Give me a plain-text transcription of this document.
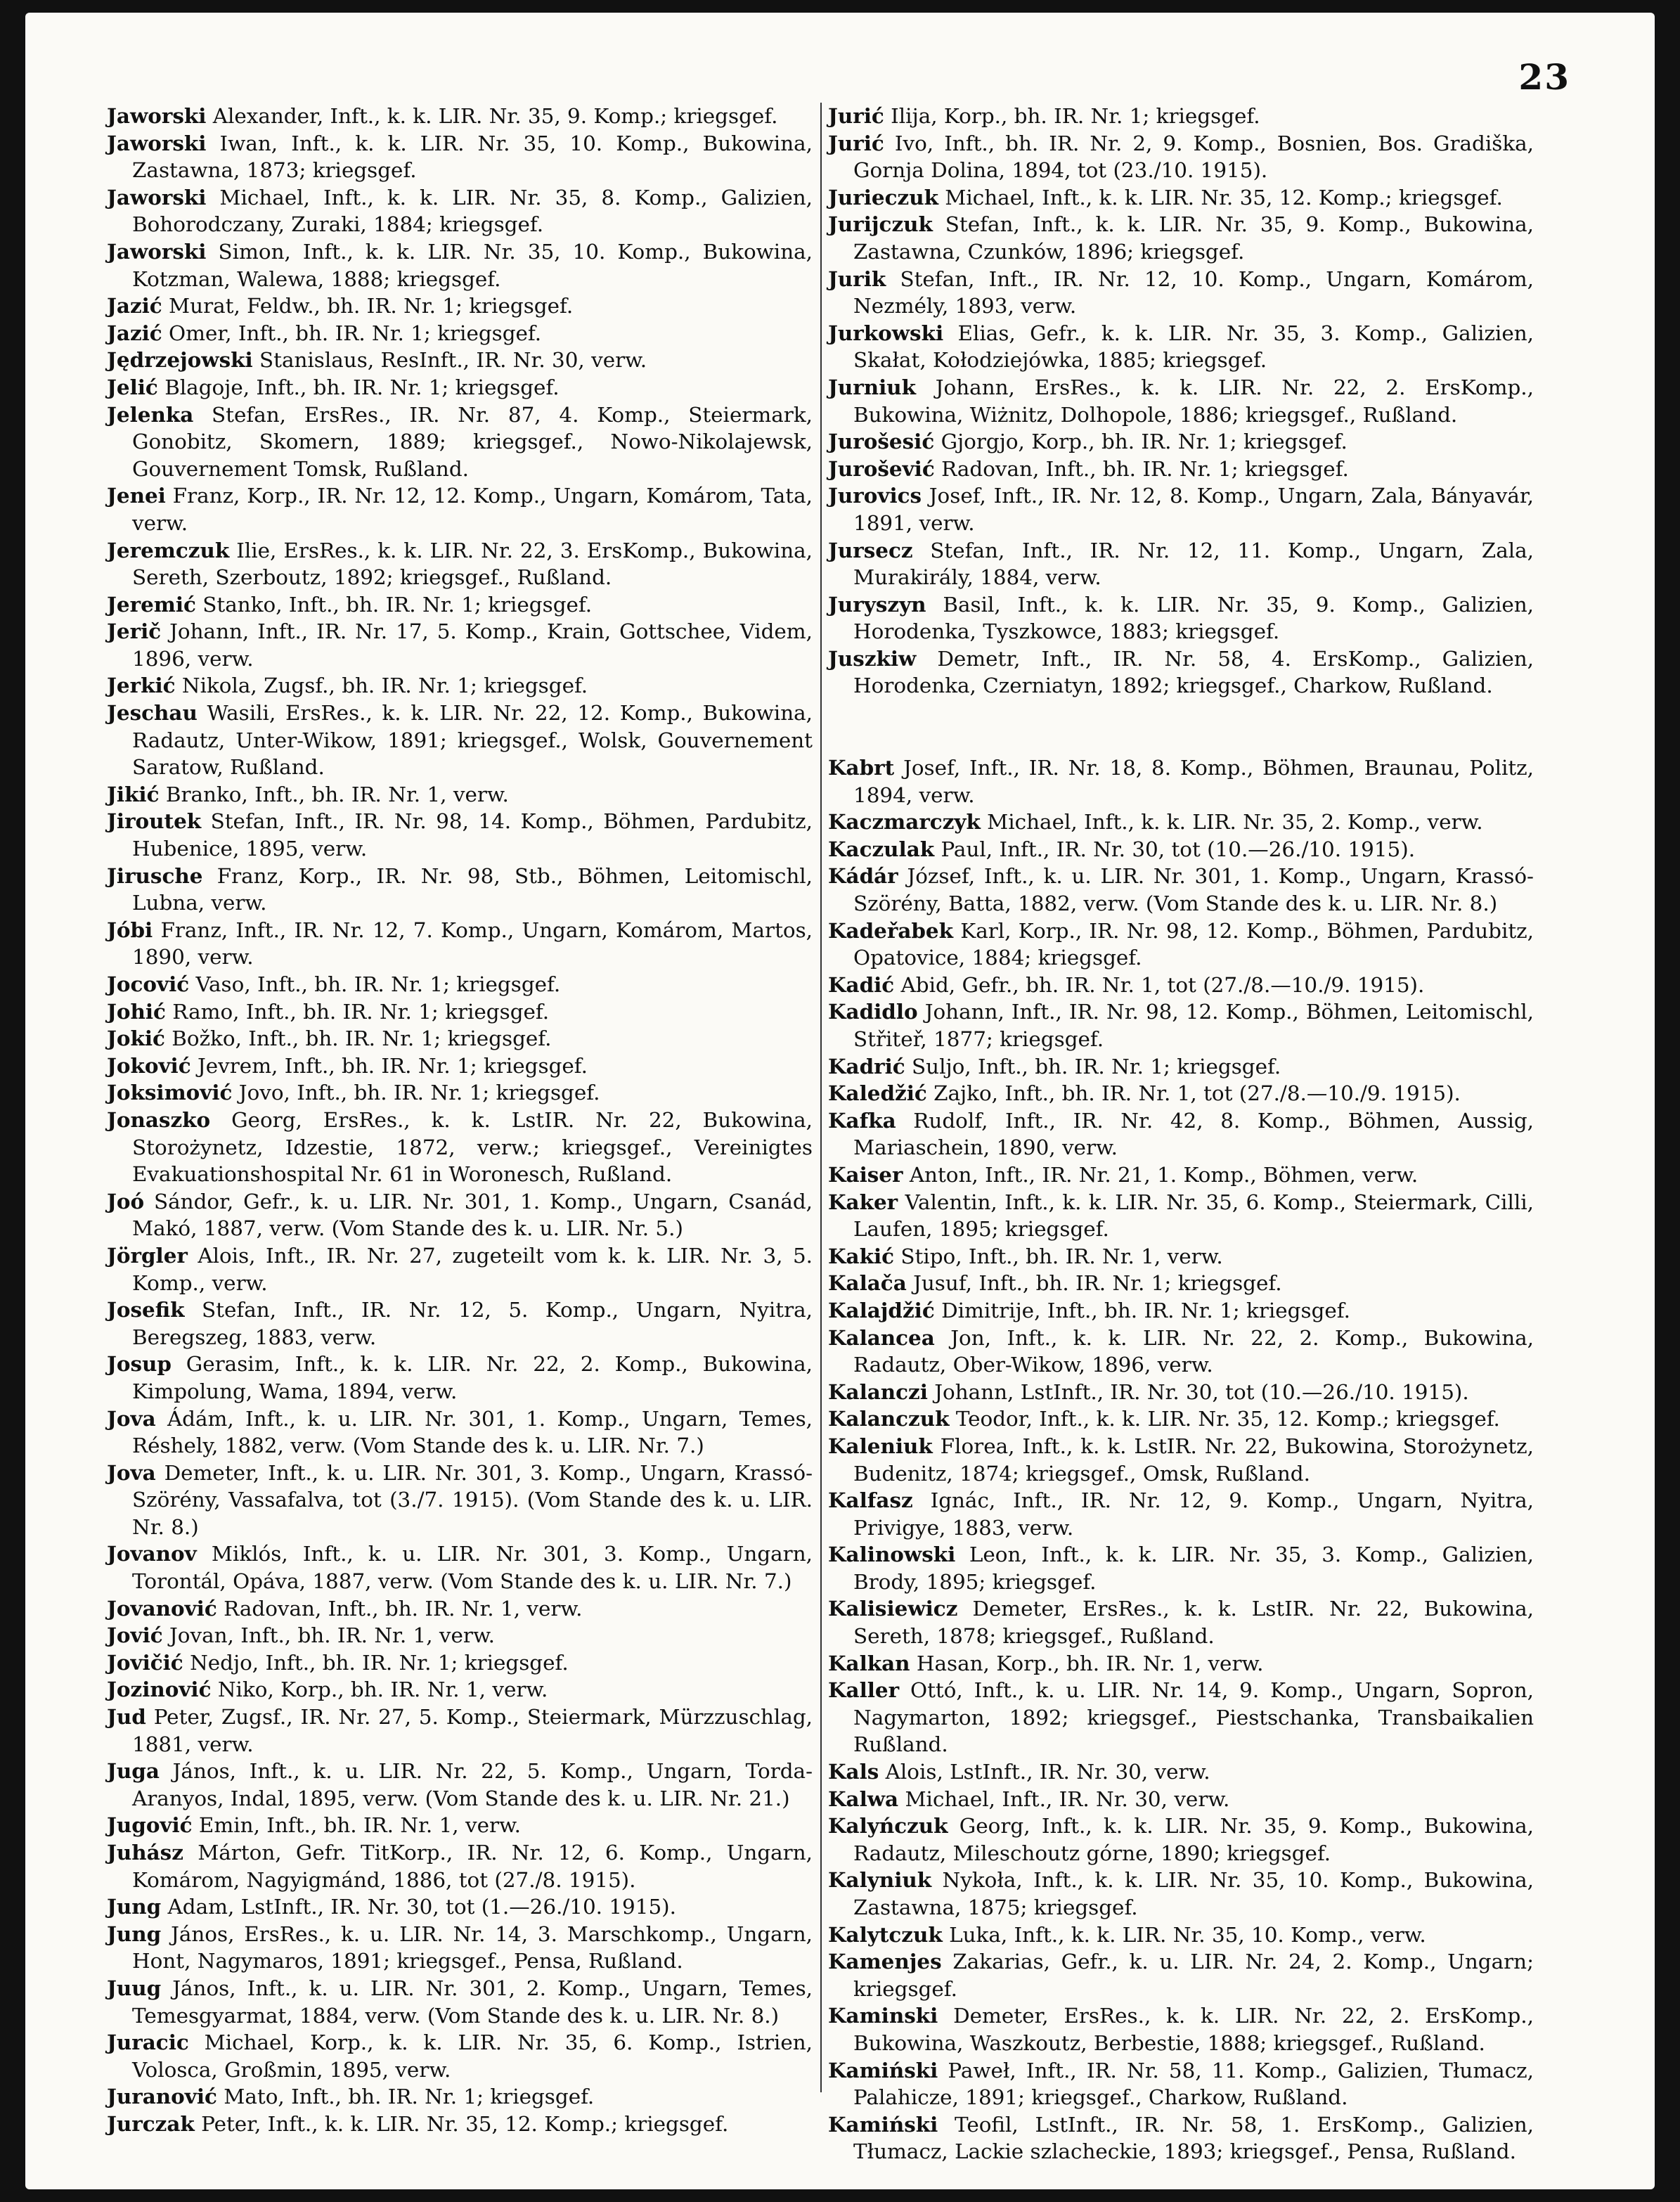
23

Jaworski Alexander, Inft., k. k. LIR. Nr. 35, 9. Komp.; kriegsgef.

Jaworski Iwan, Inft., k. k. LIR. Nr. 35, 10. Komp., Bukowina, Zastawna, 1873; kriegsgef.

Jaworski Michael, Inft., k. k. LIR. Nr. 35, 8. Komp., Galizien, Bohorodczany, Zuraki, 1884; kriegsgef.

Jaworski Simon, Inft., k. k. LIR. Nr. 35, 10. Komp., Bukowina, Kotzman, Walewa, 1888; kriegsgef.

Jazić Murat, Feldw., bh. IR. Nr. 1; kriegsgef.

Jazić Omer, Inft., bh. IR. Nr. 1; kriegsgef.

Jędrzejowski Stanislaus, ResInft., IR. Nr. 30, verw.

Jelić Blagoje, Inft., bh. IR. Nr. 1; kriegsgef.

Jelenka Stefan, ErsRes., IR. Nr. 87, 4. Komp., Steiermark, Gonobitz, Skomern, 1889; kriegsgef., Nowo-Nikolajewsk, Gouvernement Tomsk, Rußland.

Jenei Franz, Korp., IR. Nr. 12, 12. Komp., Ungarn, Komárom, Tata, verw.

Jeremczuk Ilie, ErsRes., k. k. LIR. Nr. 22, 3. ErsKomp., Bukowina, Sereth, Szerboutz, 1892; kriegsgef., Rußland.

Jeremić Stanko, Inft., bh. IR. Nr. 1; kriegsgef.

Jerič Johann, Inft., IR. Nr. 17, 5. Komp., Krain, Gottschee, Videm, 1896, verw.

Jerkić Nikola, Zugsf., bh. IR. Nr. 1; kriegsgef.

Jeschau Wasili, ErsRes., k. k. LIR. Nr. 22, 12. Komp., Bukowina, Radautz, Unter-Wikow, 1891; kriegsgef., Wolsk, Gouvernement Saratow, Rußland.

Jikić Branko, Inft., bh. IR. Nr. 1, verw.

Jiroutek Stefan, Inft., IR. Nr. 98, 14. Komp., Böhmen, Pardubitz, Hubenice, 1895, verw.

Jirusche Franz, Korp., IR. Nr. 98, Stb., Böhmen, Leitomischl, Lubna, verw.

Jóbi Franz, Inft., IR. Nr. 12, 7. Komp., Ungarn, Komárom, Martos, 1890, verw.

Jocović Vaso, Inft., bh. IR. Nr. 1; kriegsgef.

Johić Ramo, Inft., bh. IR. Nr. 1; kriegsgef.

Jokić Božko, Inft., bh. IR. Nr. 1; kriegsgef.

Joković Jevrem, Inft., bh. IR. Nr. 1; kriegsgef.

Joksimović Jovo, Inft., bh. IR. Nr. 1; kriegsgef.

Jonaszko Georg, ErsRes., k. k. LstIR. Nr. 22, Bukowina, Storożynetz, Idzestie, 1872, verw.; kriegsgef., Vereinigtes Evakuationshospital Nr. 61 in Woronesch, Rußland.

Joó Sándor, Gefr., k. u. LIR. Nr. 301, 1. Komp., Ungarn, Csanád, Makó, 1887, verw. (Vom Stande des k. u. LIR. Nr. 5.)

Jörgler Alois, Inft., IR. Nr. 27, zugeteilt vom k. k. LIR. Nr. 3, 5. Komp., verw.

Josefik Stefan, Inft., IR. Nr. 12, 5. Komp., Ungarn, Nyitra, Beregszeg, 1883, verw.

Josup Gerasim, Inft., k. k. LIR. Nr. 22, 2. Komp., Bukowina, Kimpolung, Wama, 1894, verw.

Jova Ádám, Inft., k. u. LIR. Nr. 301, 1. Komp., Ungarn, Temes, Réshely, 1882, verw. (Vom Stande des k. u. LIR. Nr. 7.)

Jova Demeter, Inft., k. u. LIR. Nr. 301, 3. Komp., Ungarn, Krassó-Szörény, Vassafalva, tot (3./7. 1915). (Vom Stande des k. u. LIR. Nr. 8.)

Jovanov Miklós, Inft., k. u. LIR. Nr. 301, 3. Komp., Ungarn, Torontál, Opáva, 1887, verw. (Vom Stande des k. u. LIR. Nr. 7.)

Jovanović Radovan, Inft., bh. IR. Nr. 1, verw.

Jović Jovan, Inft., bh. IR. Nr. 1, verw.

Jovičić Nedjo, Inft., bh. IR. Nr. 1; kriegsgef.

Jozinović Niko, Korp., bh. IR. Nr. 1, verw.

Jud Peter, Zugsf., IR. Nr. 27, 5. Komp., Steiermark, Mürzzuschlag, 1881, verw.

Juga János, Inft., k. u. LIR. Nr. 22, 5. Komp., Ungarn, Torda-Aranyos, Indal, 1895, verw. (Vom Stande des k. u. LIR. Nr. 21.)

Jugović Emin, Inft., bh. IR. Nr. 1, verw.

Juhász Márton, Gefr. TitKorp., IR. Nr. 12, 6. Komp., Ungarn, Komárom, Nagyigmánd, 1886, tot (27./8. 1915).

Jung Adam, LstInft., IR. Nr. 30, tot (1.—26./10. 1915).

Jung János, ErsRes., k. u. LIR. Nr. 14, 3. Marschkomp., Ungarn, Hont, Nagymaros, 1891; kriegsgef., Pensa, Rußland.

Juug János, Inft., k. u. LIR. Nr. 301, 2. Komp., Ungarn, Temes, Temesgyarmat, 1884, verw. (Vom Stande des k. u. LIR. Nr. 8.)

Juracic Michael, Korp., k. k. LIR. Nr. 35, 6. Komp., Istrien, Volosca, Großmin, 1895, verw.

Juranović Mato, Inft., bh. IR. Nr. 1; kriegsgef.

Jurczak Peter, Inft., k. k. LIR. Nr. 35, 12. Komp.; kriegsgef.

Jurić Ilija, Korp., bh. IR. Nr. 1; kriegsgef.

Jurić Ivo, Inft., bh. IR. Nr. 2, 9. Komp., Bosnien, Bos. Gradiška, Gornja Dolina, 1894, tot (23./10. 1915).

Jurieczuk Michael, Inft., k. k. LIR. Nr. 35, 12. Komp.; kriegsgef.

Jurijczuk Stefan, Inft., k. k. LIR. Nr. 35, 9. Komp., Bukowina, Zastawna, Czunków, 1896; kriegsgef.

Jurik Stefan, Inft., IR. Nr. 12, 10. Komp., Ungarn, Komárom, Nezmély, 1893, verw.

Jurkowski Elias, Gefr., k. k. LIR. Nr. 35, 3. Komp., Galizien, Skałat, Kołodziejówka, 1885; kriegsgef.

Jurniuk Johann, ErsRes., k. k. LIR. Nr. 22, 2. ErsKomp., Bukowina, Wiżnitz, Dolhopole, 1886; kriegsgef., Rußland.

Jurošesić Gjorgjo, Korp., bh. IR. Nr. 1; kriegsgef.

Jurošević Radovan, Inft., bh. IR. Nr. 1; kriegsgef.

Jurovics Josef, Inft., IR. Nr. 12, 8. Komp., Ungarn, Zala, Bányavár, 1891, verw.

Jursecz Stefan, Inft., IR. Nr. 12, 11. Komp., Ungarn, Zala, Murakirály, 1884, verw.

Juryszyn Basil, Inft., k. k. LIR. Nr. 35, 9. Komp., Galizien, Horodenka, Tyszkowce, 1883; kriegsgef.

Juszkiw Demetr, Inft., IR. Nr. 58, 4. ErsKomp., Galizien, Horodenka, Czerniatyn, 1892; kriegsgef., Charkow, Rußland.

Kabrt Josef, Inft., IR. Nr. 18, 8. Komp., Böhmen, Braunau, Politz, 1894, verw.

Kaczmarczyk Michael, Inft., k. k. LIR. Nr. 35, 2. Komp., verw.

Kaczulak Paul, Inft., IR. Nr. 30, tot (10.—26./10. 1915).

Kádár József, Inft., k. u. LIR. Nr. 301, 1. Komp., Ungarn, Krassó-Szörény, Batta, 1882, verw. (Vom Stande des k. u. LIR. Nr. 8.)

Kadeřabek Karl, Korp., IR. Nr. 98, 12. Komp., Böhmen, Pardubitz, Opatovice, 1884; kriegsgef.

Kadić Abid, Gefr., bh. IR. Nr. 1, tot (27./8.—10./9. 1915).

Kadidlo Johann, Inft., IR. Nr. 98, 12. Komp., Böhmen, Leitomischl, Střiteř, 1877; kriegsgef.

Kadrić Suljo, Inft., bh. IR. Nr. 1; kriegsgef.

Kaledžić Zajko, Inft., bh. IR. Nr. 1, tot (27./8.—10./9. 1915).

Kafka Rudolf, Inft., IR. Nr. 42, 8. Komp., Böhmen, Aussig, Mariaschein, 1890, verw.

Kaiser Anton, Inft., IR. Nr. 21, 1. Komp., Böhmen, verw.

Kaker Valentin, Inft., k. k. LIR. Nr. 35, 6. Komp., Steiermark, Cilli, Laufen, 1895; kriegsgef.

Kakić Stipo, Inft., bh. IR. Nr. 1, verw.

Kalača Jusuf, Inft., bh. IR. Nr. 1; kriegsgef.

Kalajdžić Dimitrije, Inft., bh. IR. Nr. 1; kriegsgef.

Kalancea Jon, Inft., k. k. LIR. Nr. 22, 2. Komp., Bukowina, Radautz, Ober-Wikow, 1896, verw.

Kalanczi Johann, LstInft., IR. Nr. 30, tot (10.—26./10. 1915).

Kalanczuk Teodor, Inft., k. k. LIR. Nr. 35, 12. Komp.; kriegsgef.

Kaleniuk Florea, Inft., k. k. LstIR. Nr. 22, Bukowina, Storożynetz, Budenitz, 1874; kriegsgef., Omsk, Rußland.

Kalfasz Ignác, Inft., IR. Nr. 12, 9. Komp., Ungarn, Nyitra, Privigye, 1883, verw.

Kalinowski Leon, Inft., k. k. LIR. Nr. 35, 3. Komp., Galizien, Brody, 1895; kriegsgef.

Kalisiewicz Demeter, ErsRes., k. k. LstIR. Nr. 22, Bukowina, Sereth, 1878; kriegsgef., Rußland.

Kalkan Hasan, Korp., bh. IR. Nr. 1, verw.

Kaller Ottó, Inft., k. u. LIR. Nr. 14, 9. Komp., Ungarn, Sopron, Nagymarton, 1892; kriegsgef., Piestschanka, Transbaikalien Rußland.

Kals Alois, LstInft., IR. Nr. 30, verw.

Kalwa Michael, Inft., IR. Nr. 30, verw.

Kalyńczuk Georg, Inft., k. k. LIR. Nr. 35, 9. Komp., Bukowina, Radautz, Mileschoutz górne, 1890; kriegsgef.

Kalyniuk Nykoła, Inft., k. k. LIR. Nr. 35, 10. Komp., Bukowina, Zastawna, 1875; kriegsgef.

Kalytczuk Luka, Inft., k. k. LIR. Nr. 35, 10. Komp., verw.

Kamenjes Zakarias, Gefr., k. u. LIR. Nr. 24, 2. Komp., Ungarn; kriegsgef.

Kaminski Demeter, ErsRes., k. k. LIR. Nr. 22, 2. ErsKomp., Bukowina, Waszkoutz, Berbestie, 1888; kriegsgef., Rußland.

Kamiński Paweł, Inft., IR. Nr. 58, 11. Komp., Galizien, Tłumacz, Palahicze, 1891; kriegsgef., Charkow, Rußland.

Kamiński Teofil, LstInft., IR. Nr. 58, 1. ErsKomp., Galizien, Tłumacz, Lackie szlacheckie, 1893; kriegsgef., Pensa, Rußland.
